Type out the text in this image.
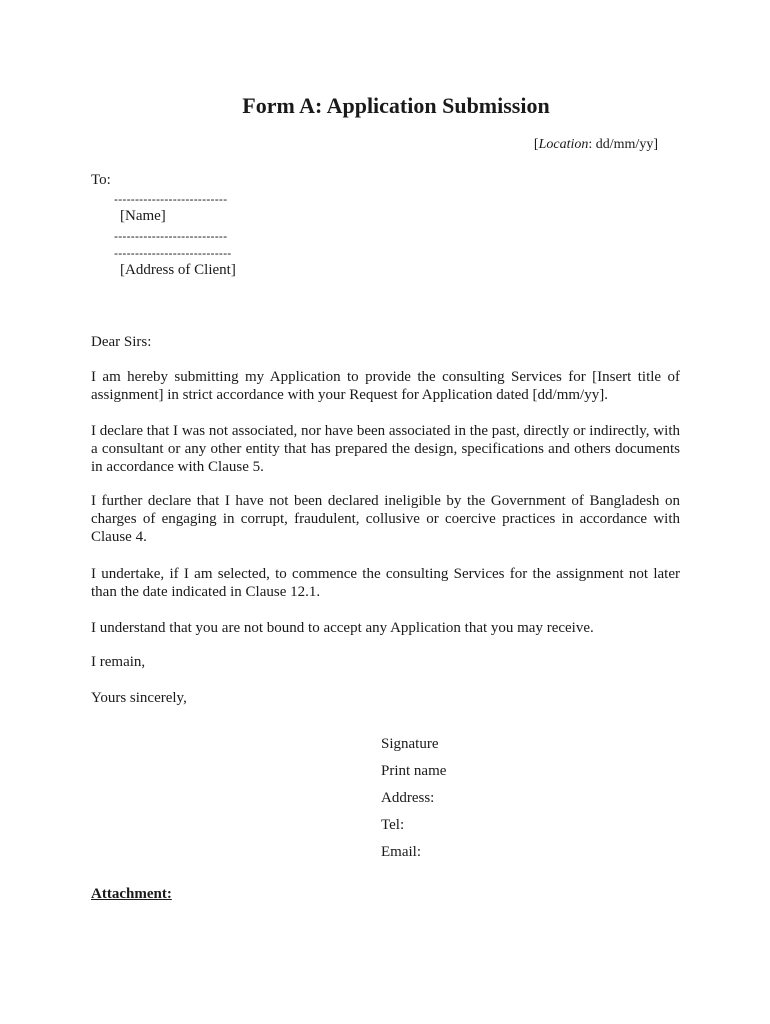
Form A: Application Submission
[Location: dd/mm/yy]
To:
---------------------------
[Name]
---------------------------
----------------------------
[Address of Client]
Dear Sirs:

I am hereby submitting my Application to provide the consulting Services for [Insert title of assignment] in strict accordance with your Request for Application dated [dd/mm/yy].

I declare that I was not associated, nor have been associated in the past, directly or indirectly, with a consultant or any other entity that has prepared the design, specifications and others documents in accordance with Clause 5.

I further declare that I have not been declared ineligible by the Government of Bangladesh on charges of engaging in corrupt, fraudulent, collusive or coercive practices in accordance with Clause 4.

I undertake, if I am selected, to commence the consulting Services for the assignment not later than the date indicated in Clause 12.1.

I understand that you are not bound to accept any Application that you may receive.

I remain,
Yours sincerely,
Signature
Print name
Address:
Tel:
Email:
Attachment:
